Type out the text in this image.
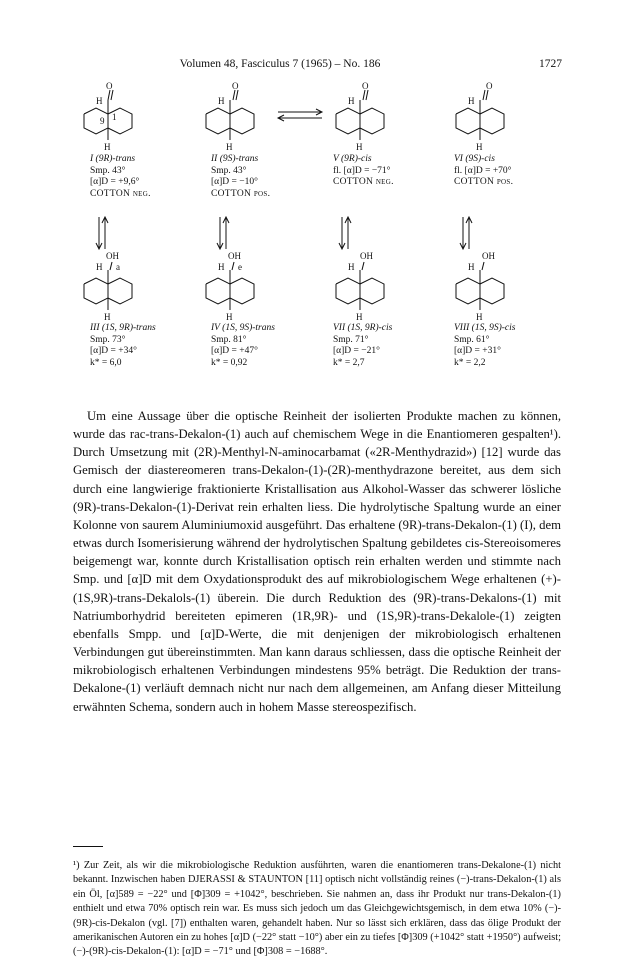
Volumen 48, Fasciculus 7 (1965) – No. 186	1727
O
H
H
9 1
O
H
H
O
H
H
O
H
H
I (9R)-trans
Smp. 43°
[α]D = +9,6°
COTTON neg.
II (9S)-trans
Smp. 43°
[α]D = −10°
COTTON pos.
V (9R)-cis
fl. [α]D = −71°
COTTON neg.
VI (9S)-cis
fl. [α]D = +70°
COTTON pos.
OH
H a
H
OH
H e
H
OH
H
H
OH
H
H
III (1S, 9R)-trans
Smp. 73°
[α]D = +34°
k* = 6,0
IV (1S, 9S)-trans
Smp. 81°
[α]D = +47°
k* = 0,92
VII (1S, 9R)-cis
Smp. 71°
[α]D = −21°
k* = 2,7
VIII (1S, 9S)-cis
Smp. 61°
[α]D = +31°
k* = 2,2
Um eine Aussage über die optische Reinheit der isolierten Produkte machen zu können, wurde das rac-trans-Dekalon-(1) auch auf chemischem Wege in die Enantiomeren gespalten¹). Durch Umsetzung mit (2R)-Menthyl-N-aminocarbamat («2R-Menthydrazid») [12] wurde das Gemisch der diastereomeren trans-Dekalon-(1)-(2R)-menthydrazone bereitet, aus dem sich durch eine langwierige fraktionierte Kristallisation aus Alkohol-Wasser das schwerer lösliche (9R)-trans-Dekalon-(1)-Derivat rein erhalten liess. Die hydrolytische Spaltung wurde an einer Kolonne von saurem Aluminiumoxid ausgeführt. Das erhaltene (9R)-trans-Dekalon-(1) (I), dem etwas durch Isomerisierung während der hydrolytischen Spaltung gebildetes cis-Stereoisomeres beigemengt war, konnte durch Kristallisation optisch rein erhalten werden und stimmte nach Smp. und [α]D mit dem Oxydationsprodukt des auf mikrobiologischem Wege erhaltenen (+)-(1S,9R)-trans-Dekalols-(1) überein. Die durch Reduktion des (9R)-trans-Dekalons-(1) mit Natriumborhydrid bereiteten epimeren (1R,9R)- und (1S,9R)-trans-Dekalole-(1) zeigten ebenfalls Smpp. und [α]D-Werte, die mit denjenigen der mikrobiologisch erhaltenen Verbindungen gut übereinstimmten. Man kann daraus schliessen, dass die optische Reinheit der mikrobiologisch erhaltenen Verbindungen mindestens 95% beträgt. Die Reduktion der trans-Dekalone-(1) verläuft demnach nicht nur nach dem allgemeinen, am Anfang dieser Mitteilung erwähnten Schema, sondern auch in hohem Masse stereospezifisch.
¹) Zur Zeit, als wir die mikrobiologische Reduktion ausführten, waren die enantiomeren trans-Dekalone-(1) nicht bekannt. Inzwischen haben DJERASSI & STAUNTON [11] optisch nicht vollständig reines (−)-trans-Dekalon-(1) als ein Öl, [α]589 = −22° und [Φ]309 = +1042°, beschrieben. Sie nahmen an, dass ihr Produkt nur trans-Dekalon-(1) enthielt und etwa 70% optisch rein war. Es muss sich jedoch um das Gleichgewichtsgemisch, in dem etwa 10% (−)-(9R)-cis-Dekalon (vgl. [7]) enthalten waren, gehandelt haben. Nur so lässt sich erklären, dass das ölige Produkt der amerikanischen Autoren ein zu hohes [α]D (−22° statt −10°) aber ein zu tiefes [Φ]309 (+1042° statt +1950°) aufweist; (−)-(9R)-cis-Dekalon-(1): [α]D = −71° und [Φ]308 = −1688°.
